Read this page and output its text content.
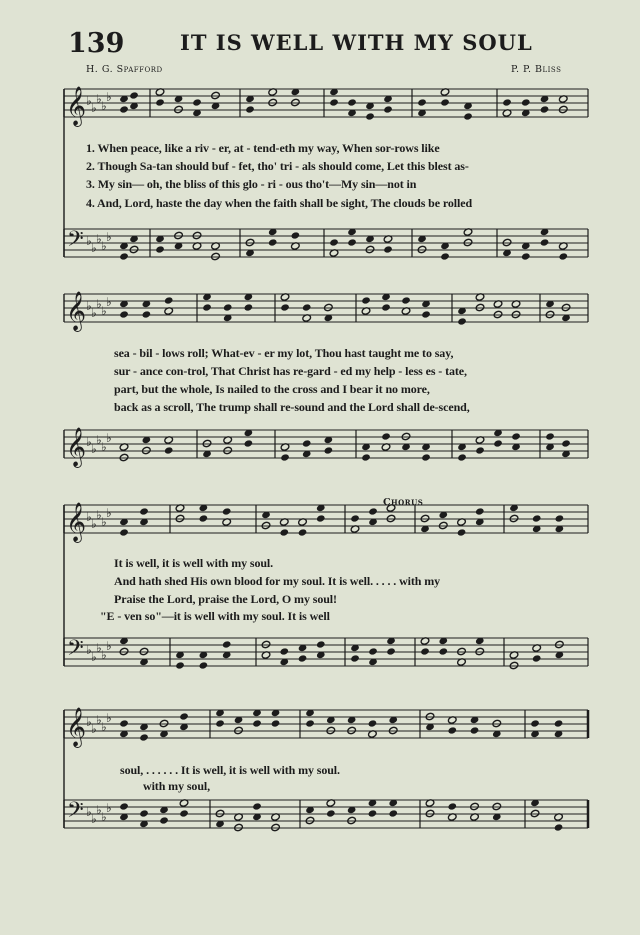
139	IT IS WELL WITH MY SOUL
H. G. Spafford	P. P. Bliss
𝄞 ♭ ♭
♭ ♭
♭
𝄢 ♭ ♭
♭ ♭
♭
𝄞 ♭ ♭
♭ ♭
♭
𝄞 ♭ ♭
♭ ♭
♭
𝄞 ♭ ♭
♭ ♭
♭
𝄢 ♭ ♭
♭ ♭
♭
𝄞 ♭ ♭
♭ ♭
♭
𝄢 ♭ ♭
♭ ♭
♭
Chorus
1. When peace, like a riv - er, at - tend-eth my way, When sor-rows like
2. Though Sa-tan should buf - fet, tho' tri - als should come, Let this blest as-
3. My sin— oh, the bliss of this glo - ri - ous tho't—My sin—not in
4. And, Lord, haste the day when the faith shall be sight, The clouds be rolled
sea - bil - lows roll; What-ev - er my lot, Thou hast taught me to say,
sur - ance con-trol, That Christ has re-gard - ed my help - less es - tate,
part, but the whole, Is nailed to the cross and I bear it no more,
back as a scroll, The trump shall re-sound and the Lord shall de-scend,
It is well, it is well with my soul.
And hath shed His own blood for my soul. It is well. . . . . with my
Praise the Lord, praise the Lord, O my soul!
"E - ven so"—it is well with my soul. It is well
soul, . . . . . . It is well, it is well with my soul.
with my soul,
